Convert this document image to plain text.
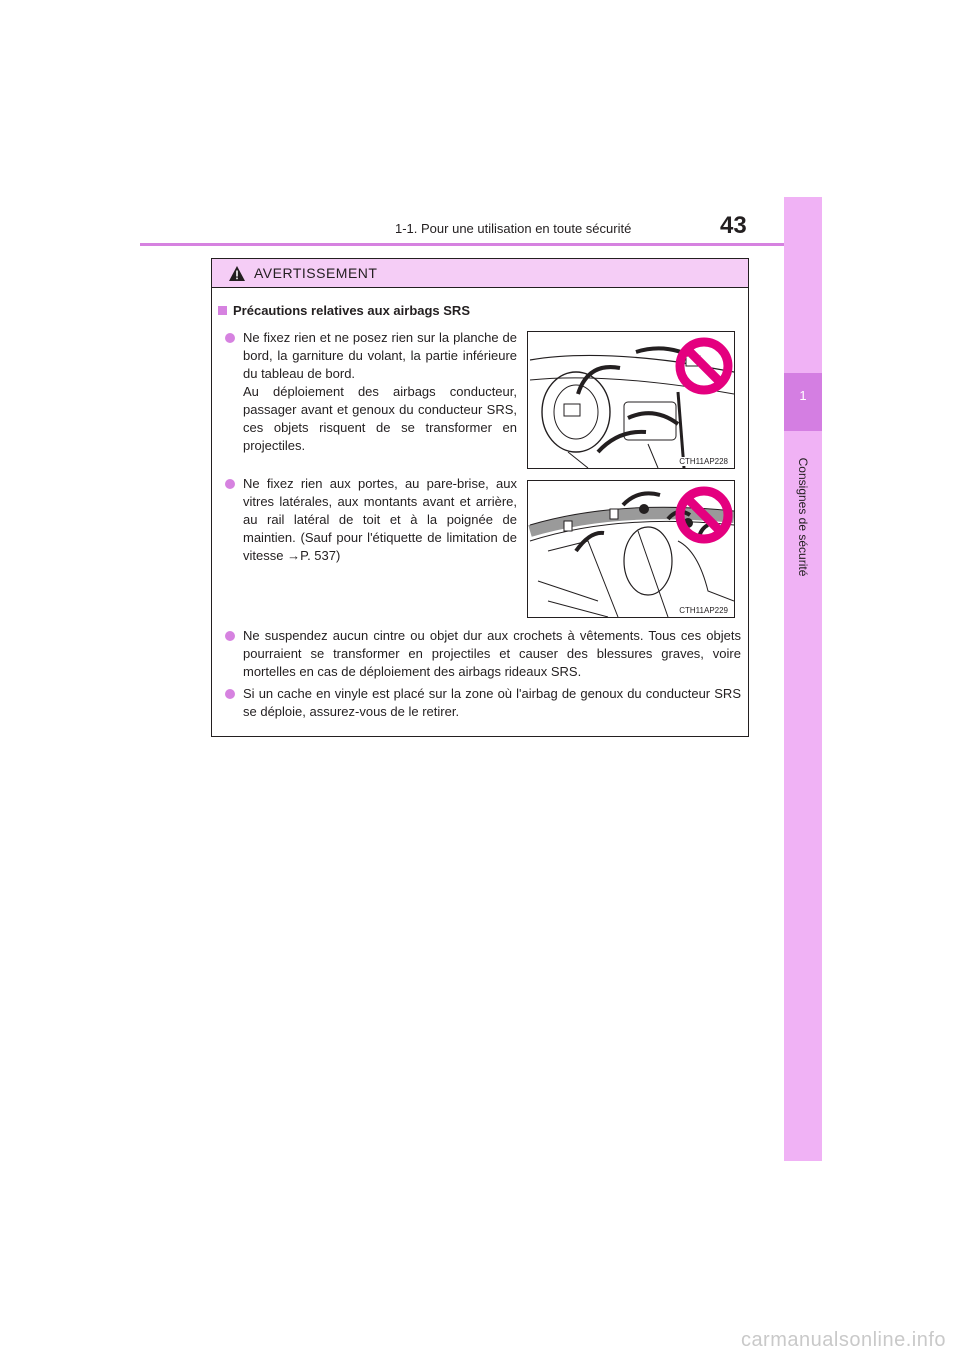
1-1. Pour une utilisation en toute sécurité	43
1
Consignes de sécurité
AVERTISSEMENT
Précautions relatives aux airbags SRS

Ne fixez rien et ne posez rien sur la planche de bord, la garniture du volant, la partie inférieure du tableau de bord.

Au déploiement des airbags conducteur, passager avant et genoux du conducteur SRS, ces objets risquent de se transformer en projectiles.

CTH11AP228

Ne fixez rien aux portes, au pare-brise, aux vitres latérales, aux montants avant et arrière, au rail latéral de toit et à la poignée de maintien. (Sauf pour l'étiquette de limitation de vitesse →P. 537)

CTH11AP229

Ne suspendez aucun cintre ou objet dur aux crochets à vêtements. Tous ces objets pourraient se transformer en projectiles et causer des blessures graves, voire mortelles en cas de déploiement des airbags rideaux SRS.

Si un cache en vinyle est placé sur la zone où l'airbag de genoux du conducteur SRS se déploie, assurez-vous de le retirer.

carmanualsonline.info
